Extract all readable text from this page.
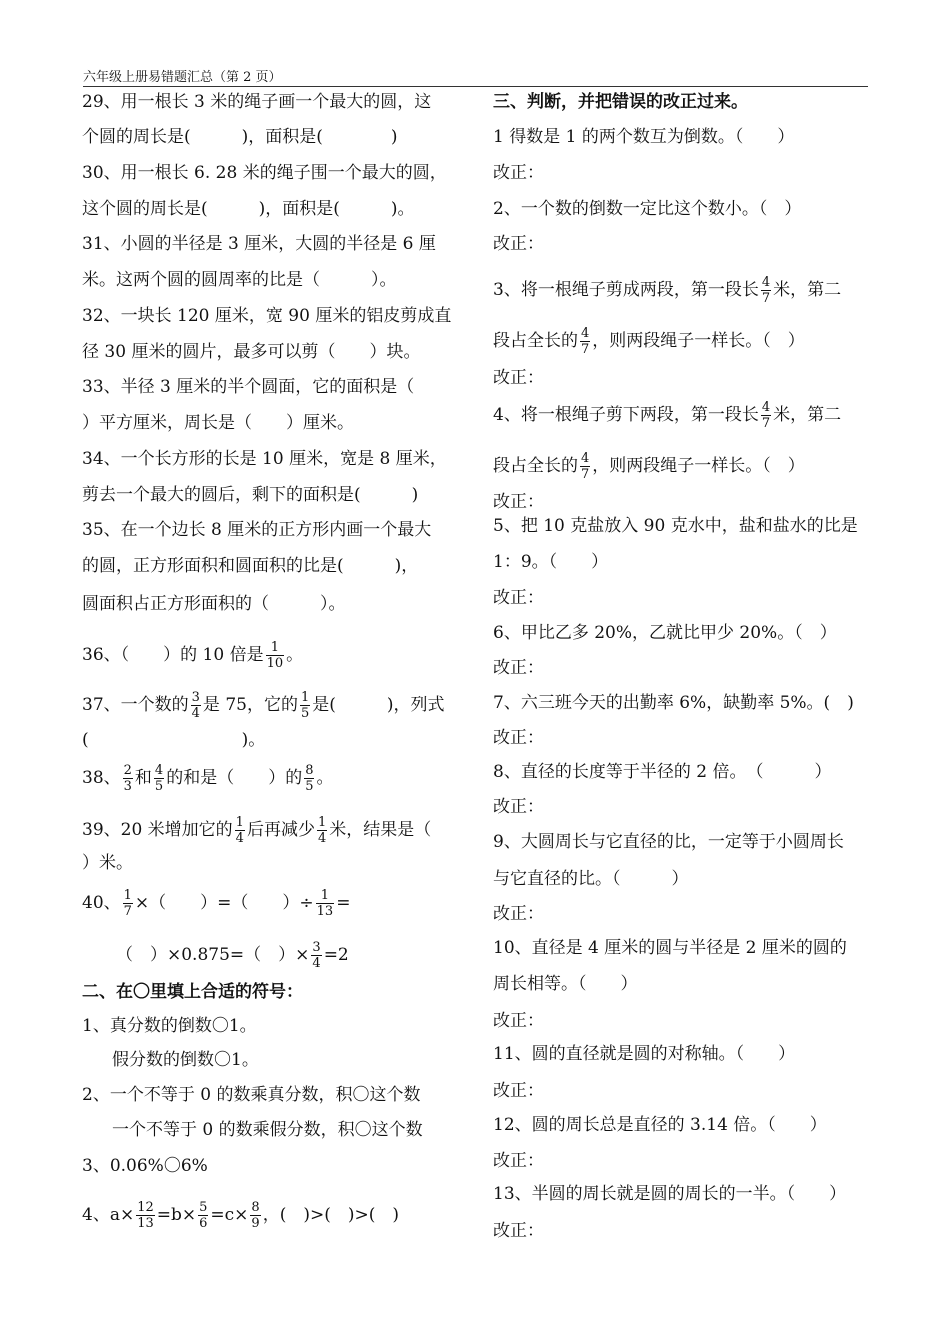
六年级上册易错题汇总（第 2 页）
29、用一根长 3 米的绳子画一个最大的圆，这
个圆的周长是(　　　)，面积是(　　　　)
30、用一根长 6. 28 米的绳子围一个最大的圆，
这个圆的周长是(　　　)，面积是(　　　)。
31、小圆的半径是 3 厘米，大圆的半径是 6 厘
米。这两个圆的圆周率的比是（　　　）。
32、一块长 120 厘米，宽 90 厘米的铝皮剪成直
径 30 厘米的圆片，最多可以剪（　　）块。
33、半径 3 厘米的半个圆面，它的面积是（
）平方厘米，周长是（　　）厘米。
34、一个长方形的长是 10 厘米，宽是 8 厘米，
剪去一个最大的圆后，剩下的面积是(　　　)
35、在一个边长 8 厘米的正方形内画一个最大
的圆，正方形面积和圆面积的比是(　　　)，
圆面积占正方形面积的（　　　）。
36、（　　）的 10 倍是 $\frac{1}{10}$ 。
37、一个数的 $\frac{3}{4}$ 是 75，它的 $\frac{1}{5}$ 是(　　　)，列式
(　　　　　　　　　)。
38、 $\frac{2}{3}$ 和 $\frac{4}{5}$ 的和是（　　）的 $\frac{8}{5}$ 。
39、20 米增加它的 $\frac{1}{4}$ 后再减少 $\frac{1}{4}$ 米，结果是（
）米。
40、 $\frac{1}{7}$ ×（　　）=（　　）÷ $\frac{1}{13}$ =
（　）×0.875=（　）× $\frac{3}{4} =2$
二、在〇里填上合适的符号：
1、真分数的倒数〇1。
假分数的倒数〇1。
2、一个不等于 0 的数乘真分数，积〇这个数
一个不等于 0 的数乘假分数，积〇这个数
3、0.06%〇6%
4、$a\times \frac{12}{13} =b\times \frac{5}{6} =c\times \frac{8}{9}$ ，(　)>(　)>(　)
三、判断，并把错误的改正过来。
1 得数是 1 的两个数互为倒数。（　　）
改正：
2、一个数的倒数一定比这个数小。（　）
改正：
3、将一根绳子剪成两段，第一段长 $\frac{4}{7}$ 米，第二
段占全长的 $\frac{4}{7}$ ，则两段绳子一样长。（　）
改正：
4、将一根绳子剪下两段，第一段长 $\frac{4}{7}$ 米，第二
段占全长的 $\frac{4}{7}$ ，则两段绳子一样长。（　）
改正：
5、把 10 克盐放入 90 克水中，盐和盐水的比是
1：9。（　　）
改正：
6、甲比乙多 20%，乙就比甲少 20%。（　）
改正：
7、六三班今天的出勤率 6%，缺勤率 5%。(　)
改正：
8、直径的长度等于半径的 2 倍。　（　　　）
改正：
9、大圆周长与它直径的比，一定等于小圆周长
与它直径的比。（　　　）
改正：
10、直径是 4 厘米的圆与半径是 2 厘米的圆的
周长相等。（　　）
改正：
11、圆的直径就是圆的对称轴。（　　）
改正：
12、圆的周长总是直径的 3.14 倍。（　　）
改正：
13、半圆的周长就是圆的周长的一半。（　　）
改正：
